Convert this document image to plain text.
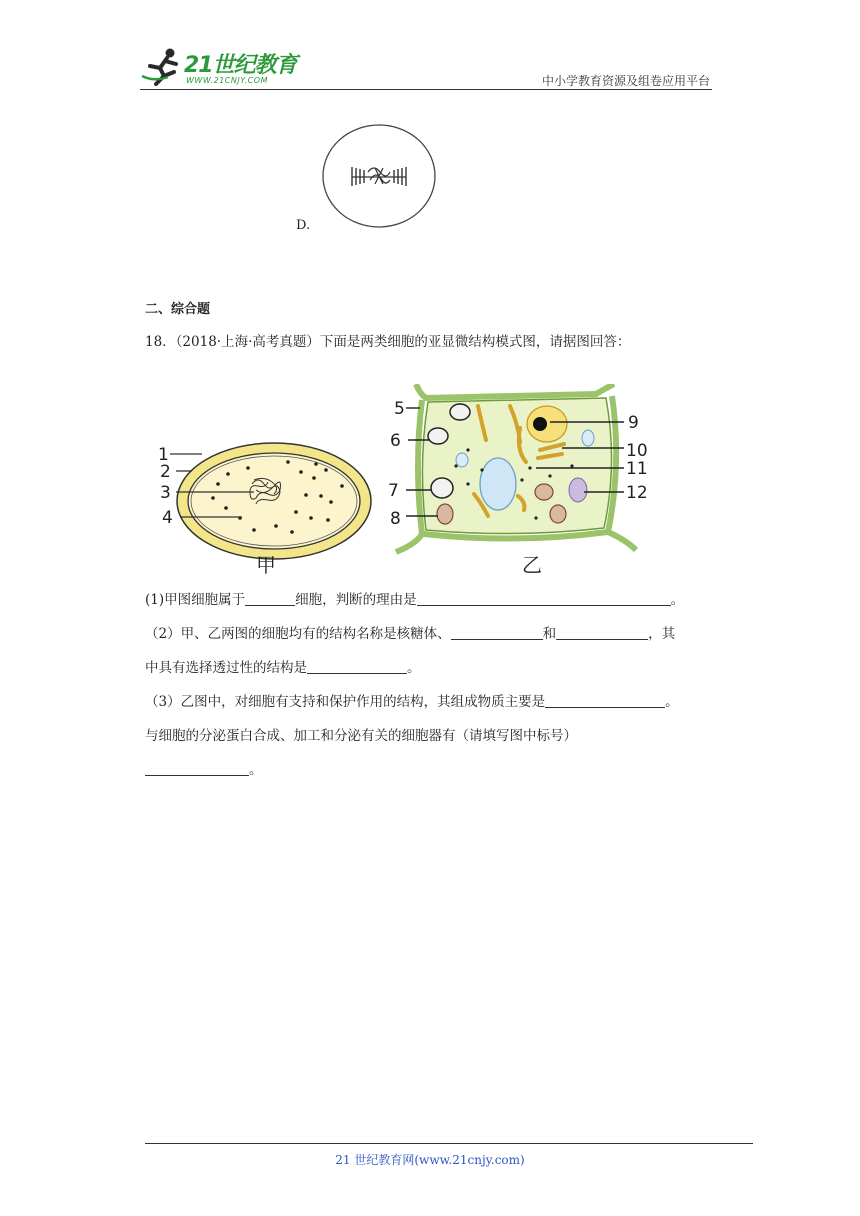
21世纪教育
WWW.21CNJY.COM	中小学教育资源及组卷应用平台
D.
二、综合题
18．（2018·上海·高考真题）下面是两类细胞的亚显微结构模式图，请据图回答：
1
2
3
4
甲
5
6
7
8
9
10
11
12
乙
(1)甲图细胞属于	细胞，判断的理由是	。
（2）甲、乙两图的细胞均有的结构名称是核糖体、	和	，其
中具有选择透过性的结构是	。
（3）乙图中，对细胞有支持和保护作用的结构，其组成物质主要是	。
与细胞的分泌蛋白合成、加工和分泌有关的细胞器有（请填写图中标号）
。
21 世纪教育网(www.21cnjy.com)
